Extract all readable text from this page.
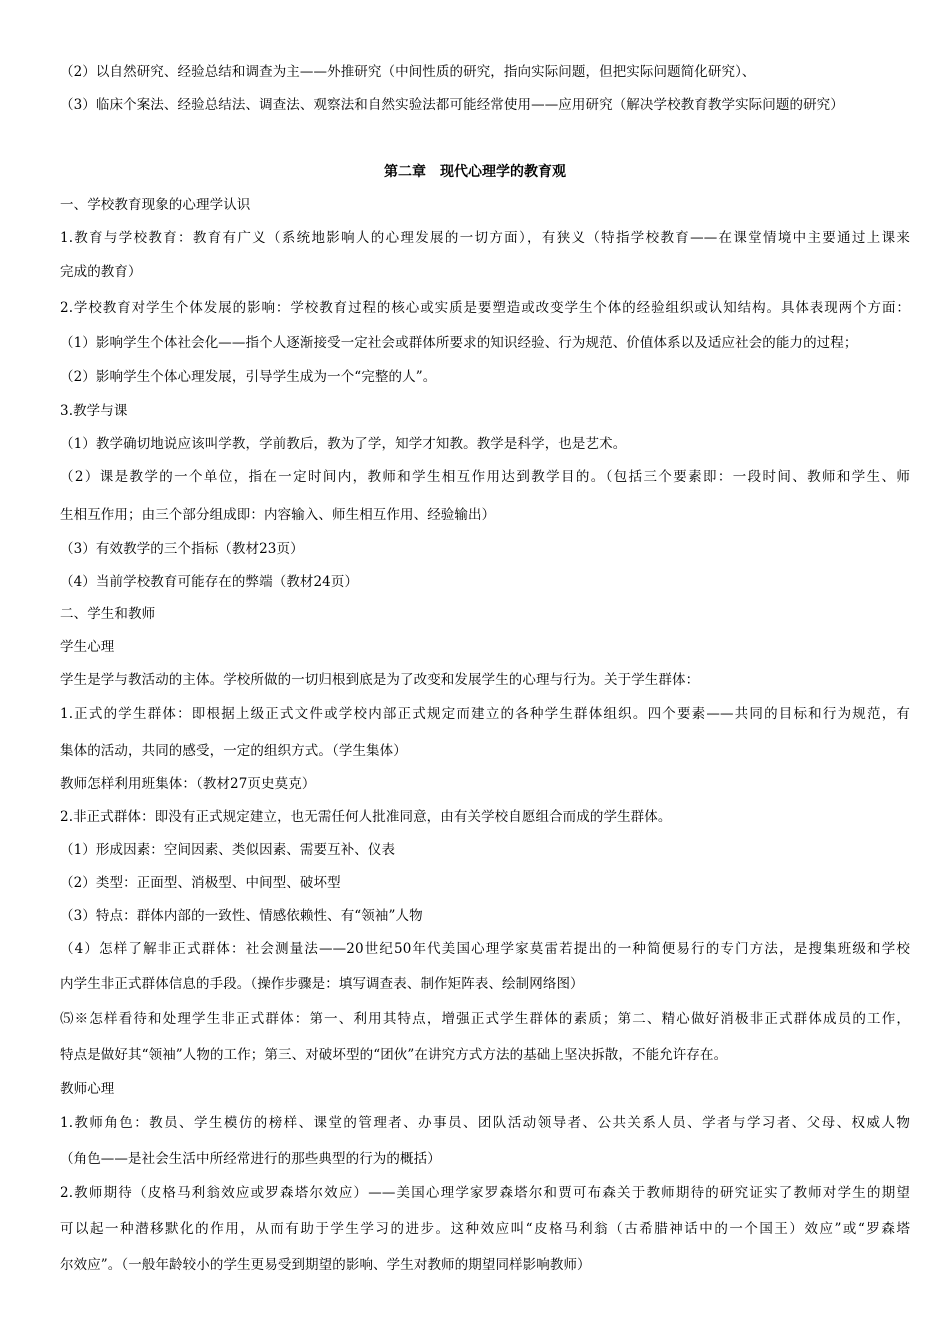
（2）以自然研究、经验总结和调查为主——外推研究（中间性质的研究，指向实际问题，但把实际问题简化研究）、
（3）临床个案法、经验总结法、调查法、观察法和自然实验法都可能经常使用——应用研究（解决学校教育教学实际问题的研究）
第二章　现代心理学的教育观
一、学校教育现象的心理学认识
1.教育与学校教育：教育有广义（系统地影响人的心理发展的一切方面），有狭义（特指学校教育——在课堂情境中主要通过上课来
完成的教育）
2.学校教育对学生个体发展的影响：学校教育过程的核心或实质是要塑造或改变学生个体的经验组织或认知结构。具体表现两个方面：
（1）影响学生个体社会化——指个人逐渐接受一定社会或群体所要求的知识经验、行为规范、价值体系以及适应社会的能力的过程；
（2）影响学生个体心理发展，引导学生成为一个“完整的人”。
3.教学与课
（1）教学确切地说应该叫学教，学前教后，教为了学，知学才知教。教学是科学，也是艺术。
（2）课是教学的一个单位，指在一定时间内，教师和学生相互作用达到教学目的。（包括三个要素即：一段时间、教师和学生、师
生相互作用；由三个部分组成即：内容输入、师生相互作用、经验输出）
（3）有效教学的三个指标（教材23页）
（4）当前学校教育可能存在的弊端（教材24页）
二、学生和教师
学生心理
学生是学与教活动的主体。学校所做的一切归根到底是为了改变和发展学生的心理与行为。关于学生群体：
1.正式的学生群体：即根据上级正式文件或学校内部正式规定而建立的各种学生群体组织。四个要素——共同的目标和行为规范，有
集体的活动，共同的感受，一定的组织方式。（学生集体）
教师怎样利用班集体：（教材27页史莫克）
2.非正式群体：即没有正式规定建立，也无需任何人批准同意，由有关学校自愿组合而成的学生群体。
（1）形成因素：空间因素、类似因素、需要互补、仪表
（2）类型：正面型、消极型、中间型、破坏型
（3）特点：群体内部的一致性、情感依赖性、有“领袖”人物
（4）怎样了解非正式群体：社会测量法——20世纪50年代美国心理学家莫雷若提出的一种简便易行的专门方法，是搜集班级和学校
内学生非正式群体信息的手段。（操作步骤是：填写调查表、制作矩阵表、绘制网络图）
⑸※怎样看待和处理学生非正式群体：第一、利用其特点，增强正式学生群体的素质；第二、精心做好消极非正式群体成员的工作，
特点是做好其“领袖”人物的工作；第三、对破坏型的“团伙”在讲究方式方法的基础上坚决拆散，不能允许存在。
教师心理
1.教师角色：教员、学生模仿的榜样、课堂的管理者、办事员、团队活动领导者、公共关系人员、学者与学习者、父母、权威人物
（角色——是社会生活中所经常进行的那些典型的行为的概括）
2.教师期待（皮格马利翁效应或罗森塔尔效应）——美国心理学家罗森塔尔和贾可布森关于教师期待的研究证实了教师对学生的期望
可以起一种潜移默化的作用，从而有助于学生学习的进步。这种效应叫“皮格马利翁（古希腊神话中的一个国王）效应”或“罗森塔
尔效应”。（一般年龄较小的学生更易受到期望的影响、学生对教师的期望同样影响教师）
